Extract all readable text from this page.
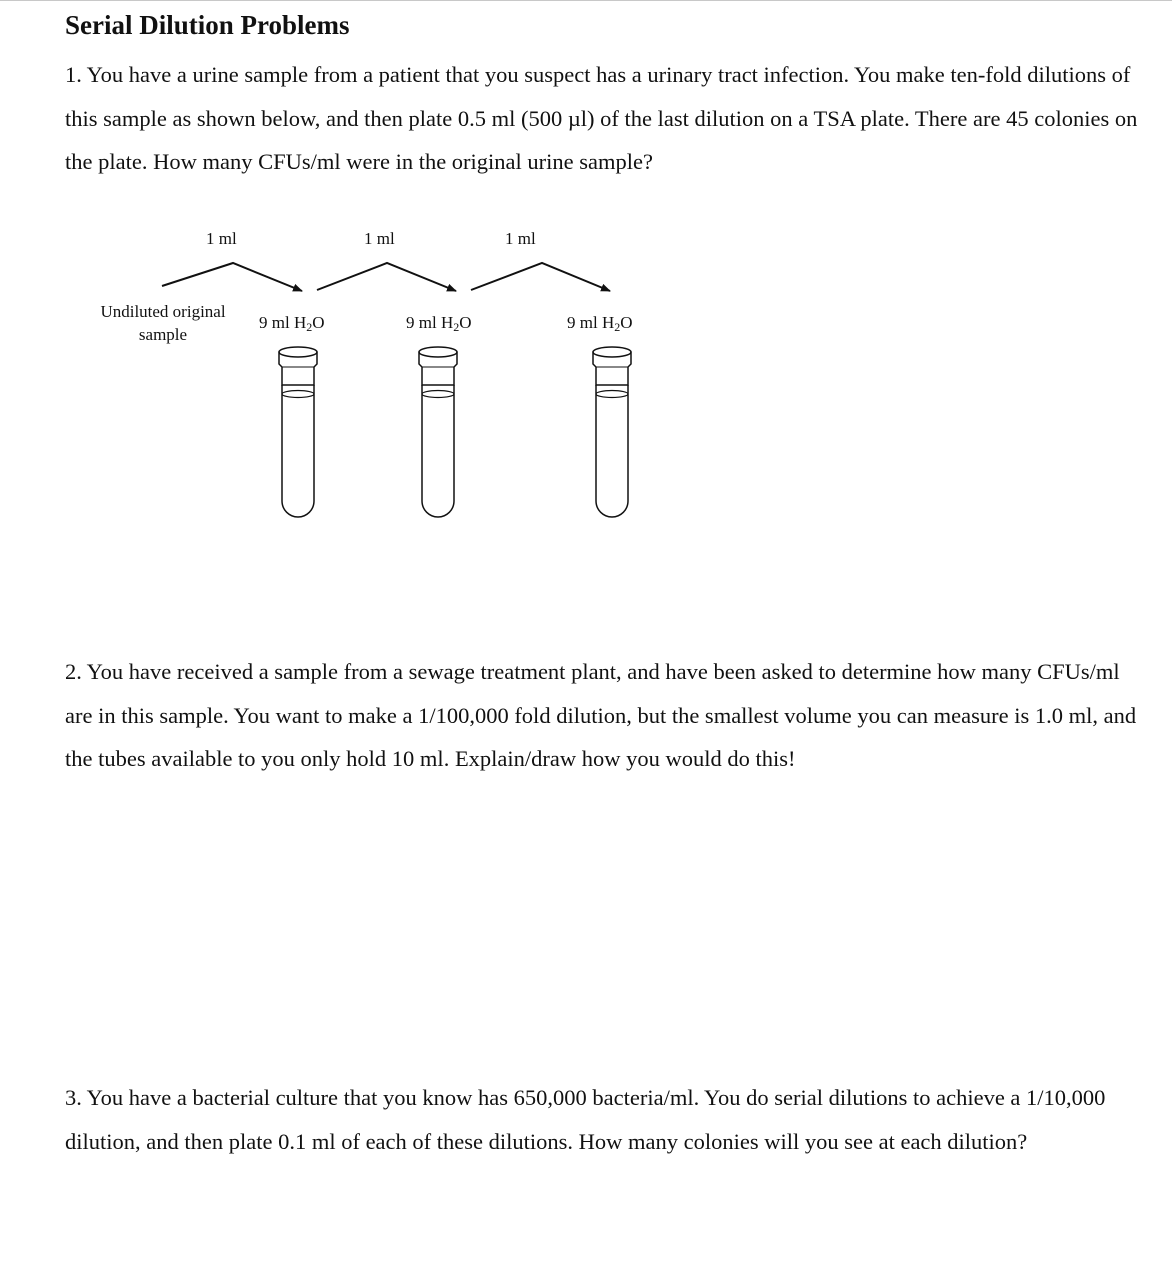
Serial Dilution Problems

1. You have a urine sample from a patient that you suspect has a urinary tract infection. You make ten-fold dilutions of this sample as shown below, and then plate 0.5 ml (500 µl) of the last dilution on a TSA plate. There are 45 colonies on the plate. How many CFUs/ml were in the original urine sample?

1 ml	1 ml	1 ml
Undiluted original
sample
9 ml $H_2O$	9 ml $H_2O$	9 ml $H_2O$

2. You have received a sample from a sewage treatment plant, and have been asked to determine how many CFUs/ml are in this sample. You want to make a 1/100,000 fold dilution, but the smallest volume you can measure is 1.0 ml, and the tubes available to you only hold 10 ml. Explain/draw how you would do this!

3. You have a bacterial culture that you know has 650,000 bacteria/ml. You do serial dilutions to achieve a 1/10,000 dilution, and then plate 0.1 ml of each of these dilutions. How many colonies will you see at each dilution?
